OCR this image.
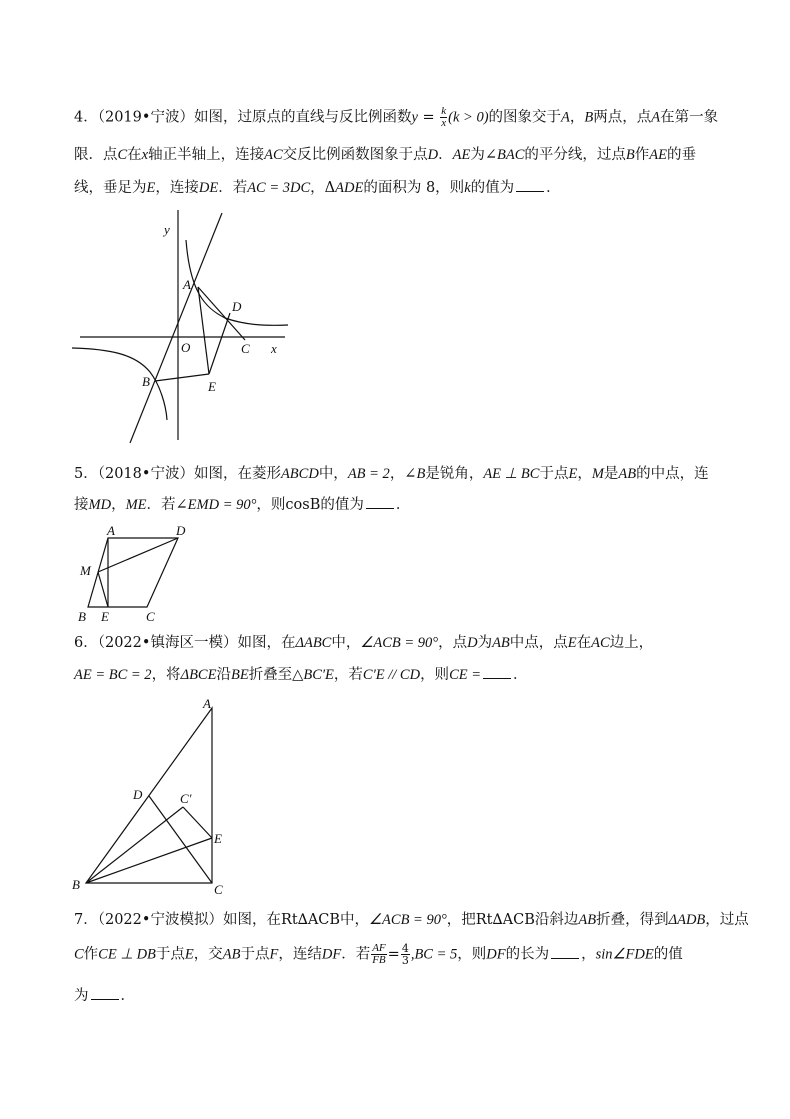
4．（2019•宁波）如图，过原点的直线与反比例函数$y = \frac{k}{x} (k > 0)$的图象交于A，B两点，点A在第一象
限．点C在x轴正半轴上，连接AC交反比例函数图象于点D．AE为∠BAC的平分线，过点B作AE的垂
线，垂足为E，连接DE．若AC = 3DC，ΔADE的面积为 8，则k的值为 ．
y
A
D
O	C x
B	E
5．（2018•宁波）如图，在菱形ABCD中，AB = 2，∠B是锐角，AE ⊥ BC于点E，M是AB的中点，连
接MD，ME．若∠EMD = 90°，则cosB的值为 ．
A	D
M
B E	C
6．（2022•镇海区一模）如图，在ΔABC中，∠ACB = 90°，点D为AB中点，点E在AC边上，
AE = BC = 2，将ΔBCE沿BE折叠至△BC′E，若C′E // CD，则CE = ．
A
D	C′
E
B	C
7．（2022•宁波模拟）如图，在Rt∆ACB中，∠ACB = 90°，把Rt∆ACB沿斜边AB折叠，得到ΔADB，过点
C作CE ⊥ DB于点E，交AB于点F，连结DF．若 $\frac{AF}{FB} = \frac{4}{3} ,BC = 5$，则DF的长为 ，sin∠FDE的值
为 ．
